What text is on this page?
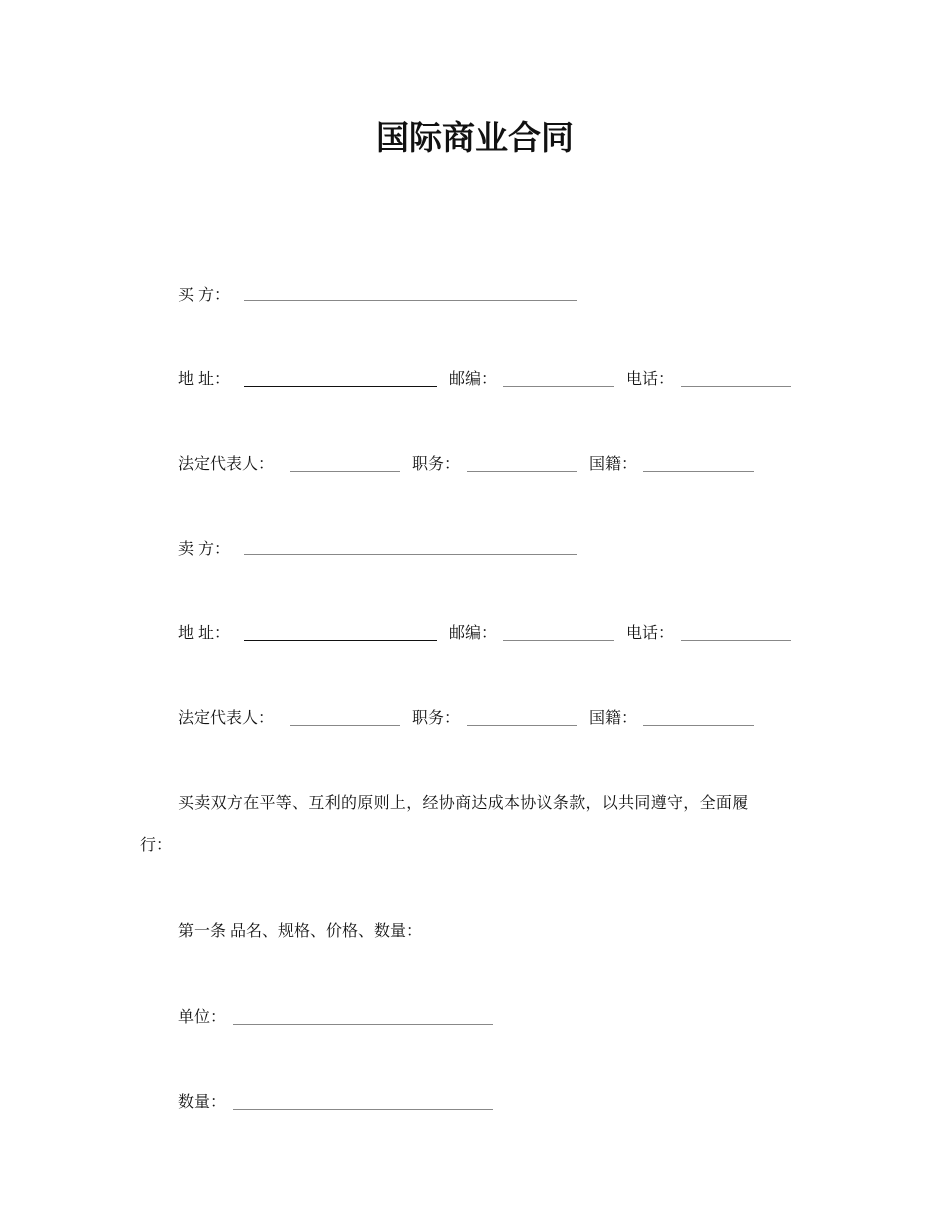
国际商业合同
买 方：
地 址：	邮编：	电话：
法定代表人：	职务：	国籍：
卖 方：
地 址：	邮编：	电话：
法定代表人：	职务：	国籍：
买卖双方在平等、互利的原则上，经协商达成本协议条款，以共同遵守，全面履
行：
第一条 品名、规格、价格、数量：
单位：
数量：
